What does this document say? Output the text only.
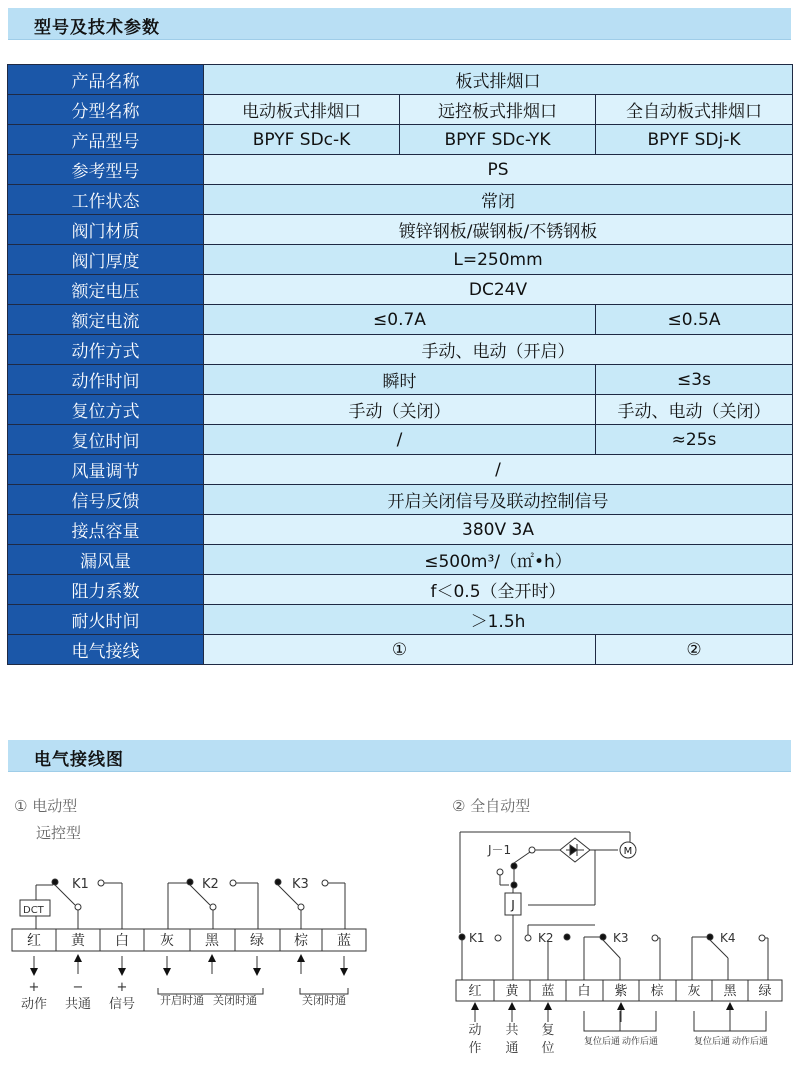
型号及技术参数
产品名称	板式排烟口		
分型名称	电动板式排烟口	远控板式排烟口	全自动板式排烟口
产品型号	BPYF SDc-K	BPYF SDc-YK	BPYF SDj-K
参考型号	PS		
工作状态	常闭		
阀门材质	镀锌钢板/碳钢板/不锈钢板		
阀门厚度	L=250mm		
额定电压	DC24V		
额定电流	≤0.7A		≤0.5A
动作方式	手动、电动（开启）		
动作时间	瞬时		≤3s
复位方式	手动（关闭）		手动、电动（关闭）
复位时间	/		≈25s
风量调节	/		
信号反馈	开启关闭信号及联动控制信号		
接点容量	380V 3A		
漏风量	≤500m³/（㎡•h）		
阻力系数	f＜0.5（全开时）		
耐火时间	＞1.5h		
电气接线	①		②
电气接线图
① 电动型
远控型
DCT
K1	K2	K3
红 黄 白 灰 黑 绿 棕 蓝
+	−	+
动作 共通 信号 开启时通 关闭时通	关闭时通
② 全自动型
J－1	M
J
K1	K2	K3	K4
红 黄 蓝 白 紫 棕 灰 黑 绿
动
作
共
通
复
位	复位后通 动作后通	复位后通 动作后通
